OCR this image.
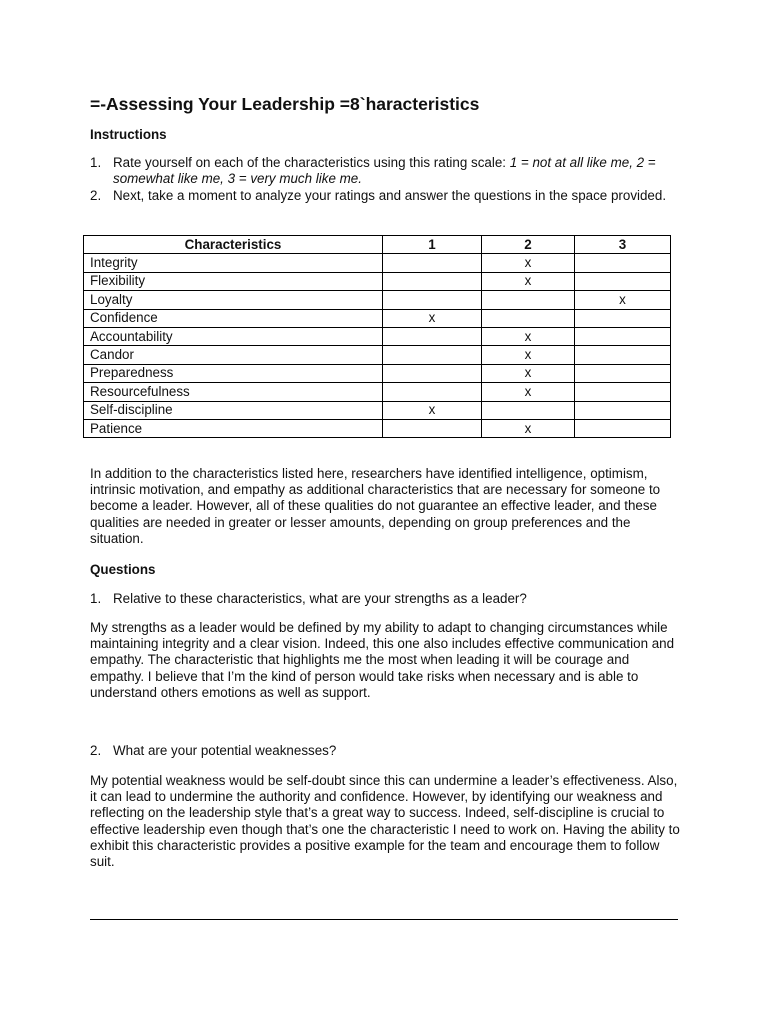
=-Assessing Your Leadership =8`haracteristics

Instructions

1. Rate yourself on each of the characteristics using this rating scale: 1 = not at all like me, 2 = somewhat like me, 3 = very much like me.
2. Next, take a moment to analyze your ratings and answer the questions in the space provided.
Characteristics	1	2	3
Integrity		x	
Flexibility		x	
Loyalty			x
Confidence	x		
Accountability		x	
Candor		x	
Preparedness		x	
Resourcefulness		x	
Self-discipline	x		
Patience		x	

In addition to the characteristics listed here, researchers have identified intelligence, optimism, intrinsic motivation, and empathy as additional characteristics that are necessary for someone to become a leader. However, all of these qualities do not guarantee an effective leader, and these qualities are needed in greater or lesser amounts, depending on group preferences and the situation.

Questions

1. Relative to these characteristics, what are your strengths as a leader?

My strengths as a leader would be defined by my ability to adapt to changing circumstances while maintaining integrity and a clear vision. Indeed, this one also includes effective communication and empathy. The characteristic that highlights me the most when leading it will be courage and empathy. I believe that I’m the kind of person would take risks when necessary and is able to understand others emotions as well as support.

2. What are your potential weaknesses?

My potential weakness would be self-doubt since this can undermine a leader’s effectiveness. Also, it can lead to undermine the authority and confidence. However, by identifying our weakness and reflecting on the leadership style that’s a great way to success. Indeed, self-discipline is crucial to effective leadership even though that’s one the characteristic I need to work on. Having the ability to exhibit this characteristic provides a positive example for the team and encourage them to follow suit.
